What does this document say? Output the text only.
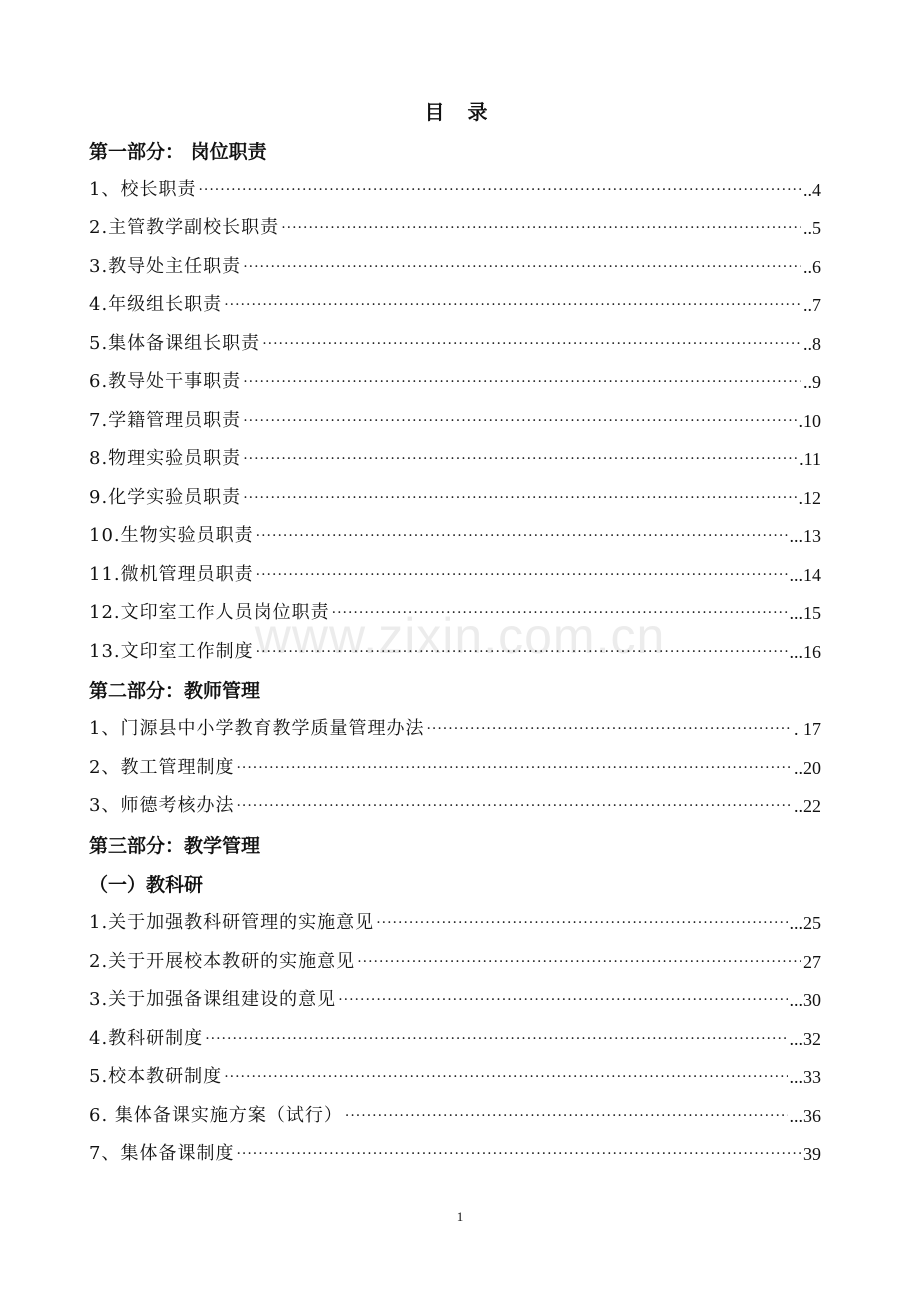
www.zixin.com.cn
目 录
第一部分： 岗位职责
1、校长职责 ·····	..4
2.主管教学副校长职责 ·····	..5
3.教导处主任职责 ·····	..6
4.年级组长职责 ·····	..7
5.集体备课组长职责 ·····	..8
6.教导处干事职责 ·····	..9
7.学籍管理员职责 ·····	.10
8.物理实验员职责 ·····	.11
9.化学实验员职责 ·····	.12
10.生物实验员职责 ·····	...13
11.微机管理员职责 ·····	...14
12.文印室工作人员岗位职责 ·····	...15
13.文印室工作制度 ·····	...16
第二部分：教师管理
1、门源县中小学教育教学质量管理办法 ·····	. 17
2、教工管理制度 ·····	..20
3、师德考核办法 ·····	..22
第三部分：教学管理
（一）教科研
1.关于加强教科研管理的实施意见 ·····	...25
2.关于开展校本教研的实施意见 ·····	27
3.关于加强备课组建设的意见 ·····	...30
4.教科研制度 ·····	...32
5.校本教研制度 ·····	...33
6. 集体备课实施方案（试行） ·····	...36
7、集体备课制度 ·····	39
1
